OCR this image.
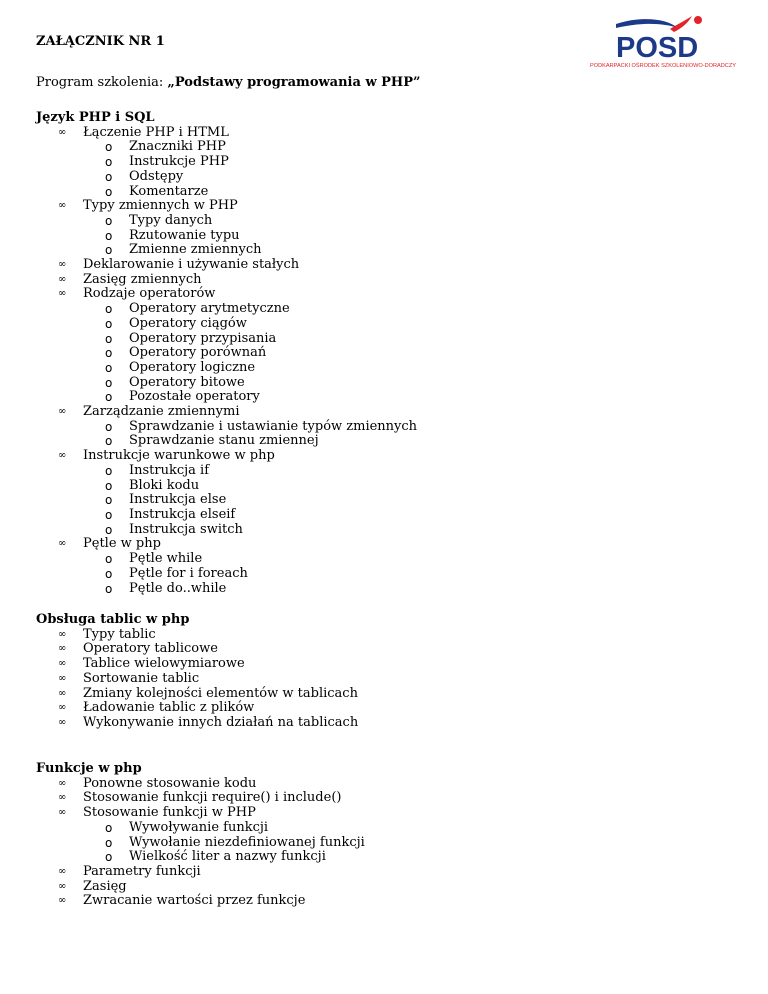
POSD
PODKARPACKI OŚRODEK SZKOLENIOWO-DORADCZY
ZAŁĄCZNIK NR 1
Program szkolenia: „Podstawy programowania w PHP”
Język PHP i SQL
∞ Łączenie PHP i HTML
o Znaczniki PHP
o Instrukcje PHP
o Odstępy
o Komentarze
∞ Typy zmiennych w PHP
o Typy danych
o Rzutowanie typu
o Zmienne zmiennych
∞ Deklarowanie i używanie stałych
∞ Zasięg zmiennych
∞ Rodzaje operatorów
o Operatory arytmetyczne
o Operatory ciągów
o Operatory przypisania
o Operatory porównań
o Operatory logiczne
o Operatory bitowe
o Pozostałe operatory
∞ Zarządzanie zmiennymi
o Sprawdzanie i ustawianie typów zmiennych
o Sprawdzanie stanu zmiennej
∞ Instrukcje warunkowe w php
o Instrukcja if
o Bloki kodu
o Instrukcja else
o Instrukcja elseif
o Instrukcja switch
∞ Pętle w php
o Pętle while
o Pętle for i foreach
o Pętle do..while
Obsługa tablic w php
∞ Typy tablic
∞ Operatory tablicowe
∞ Tablice wielowymiarowe
∞ Sortowanie tablic
∞ Zmiany kolejności elementów w tablicach
∞ Ładowanie tablic z plików
∞ Wykonywanie innych działań na tablicach
Funkcje w php
∞ Ponowne stosowanie kodu
∞ Stosowanie funkcji require() i include()
∞ Stosowanie funkcji w PHP
o Wywoływanie funkcji
o Wywołanie niezdefiniowanej funkcji
o Wielkość liter a nazwy funkcji
∞ Parametry funkcji
∞ Zasięg
∞ Zwracanie wartości przez funkcje
